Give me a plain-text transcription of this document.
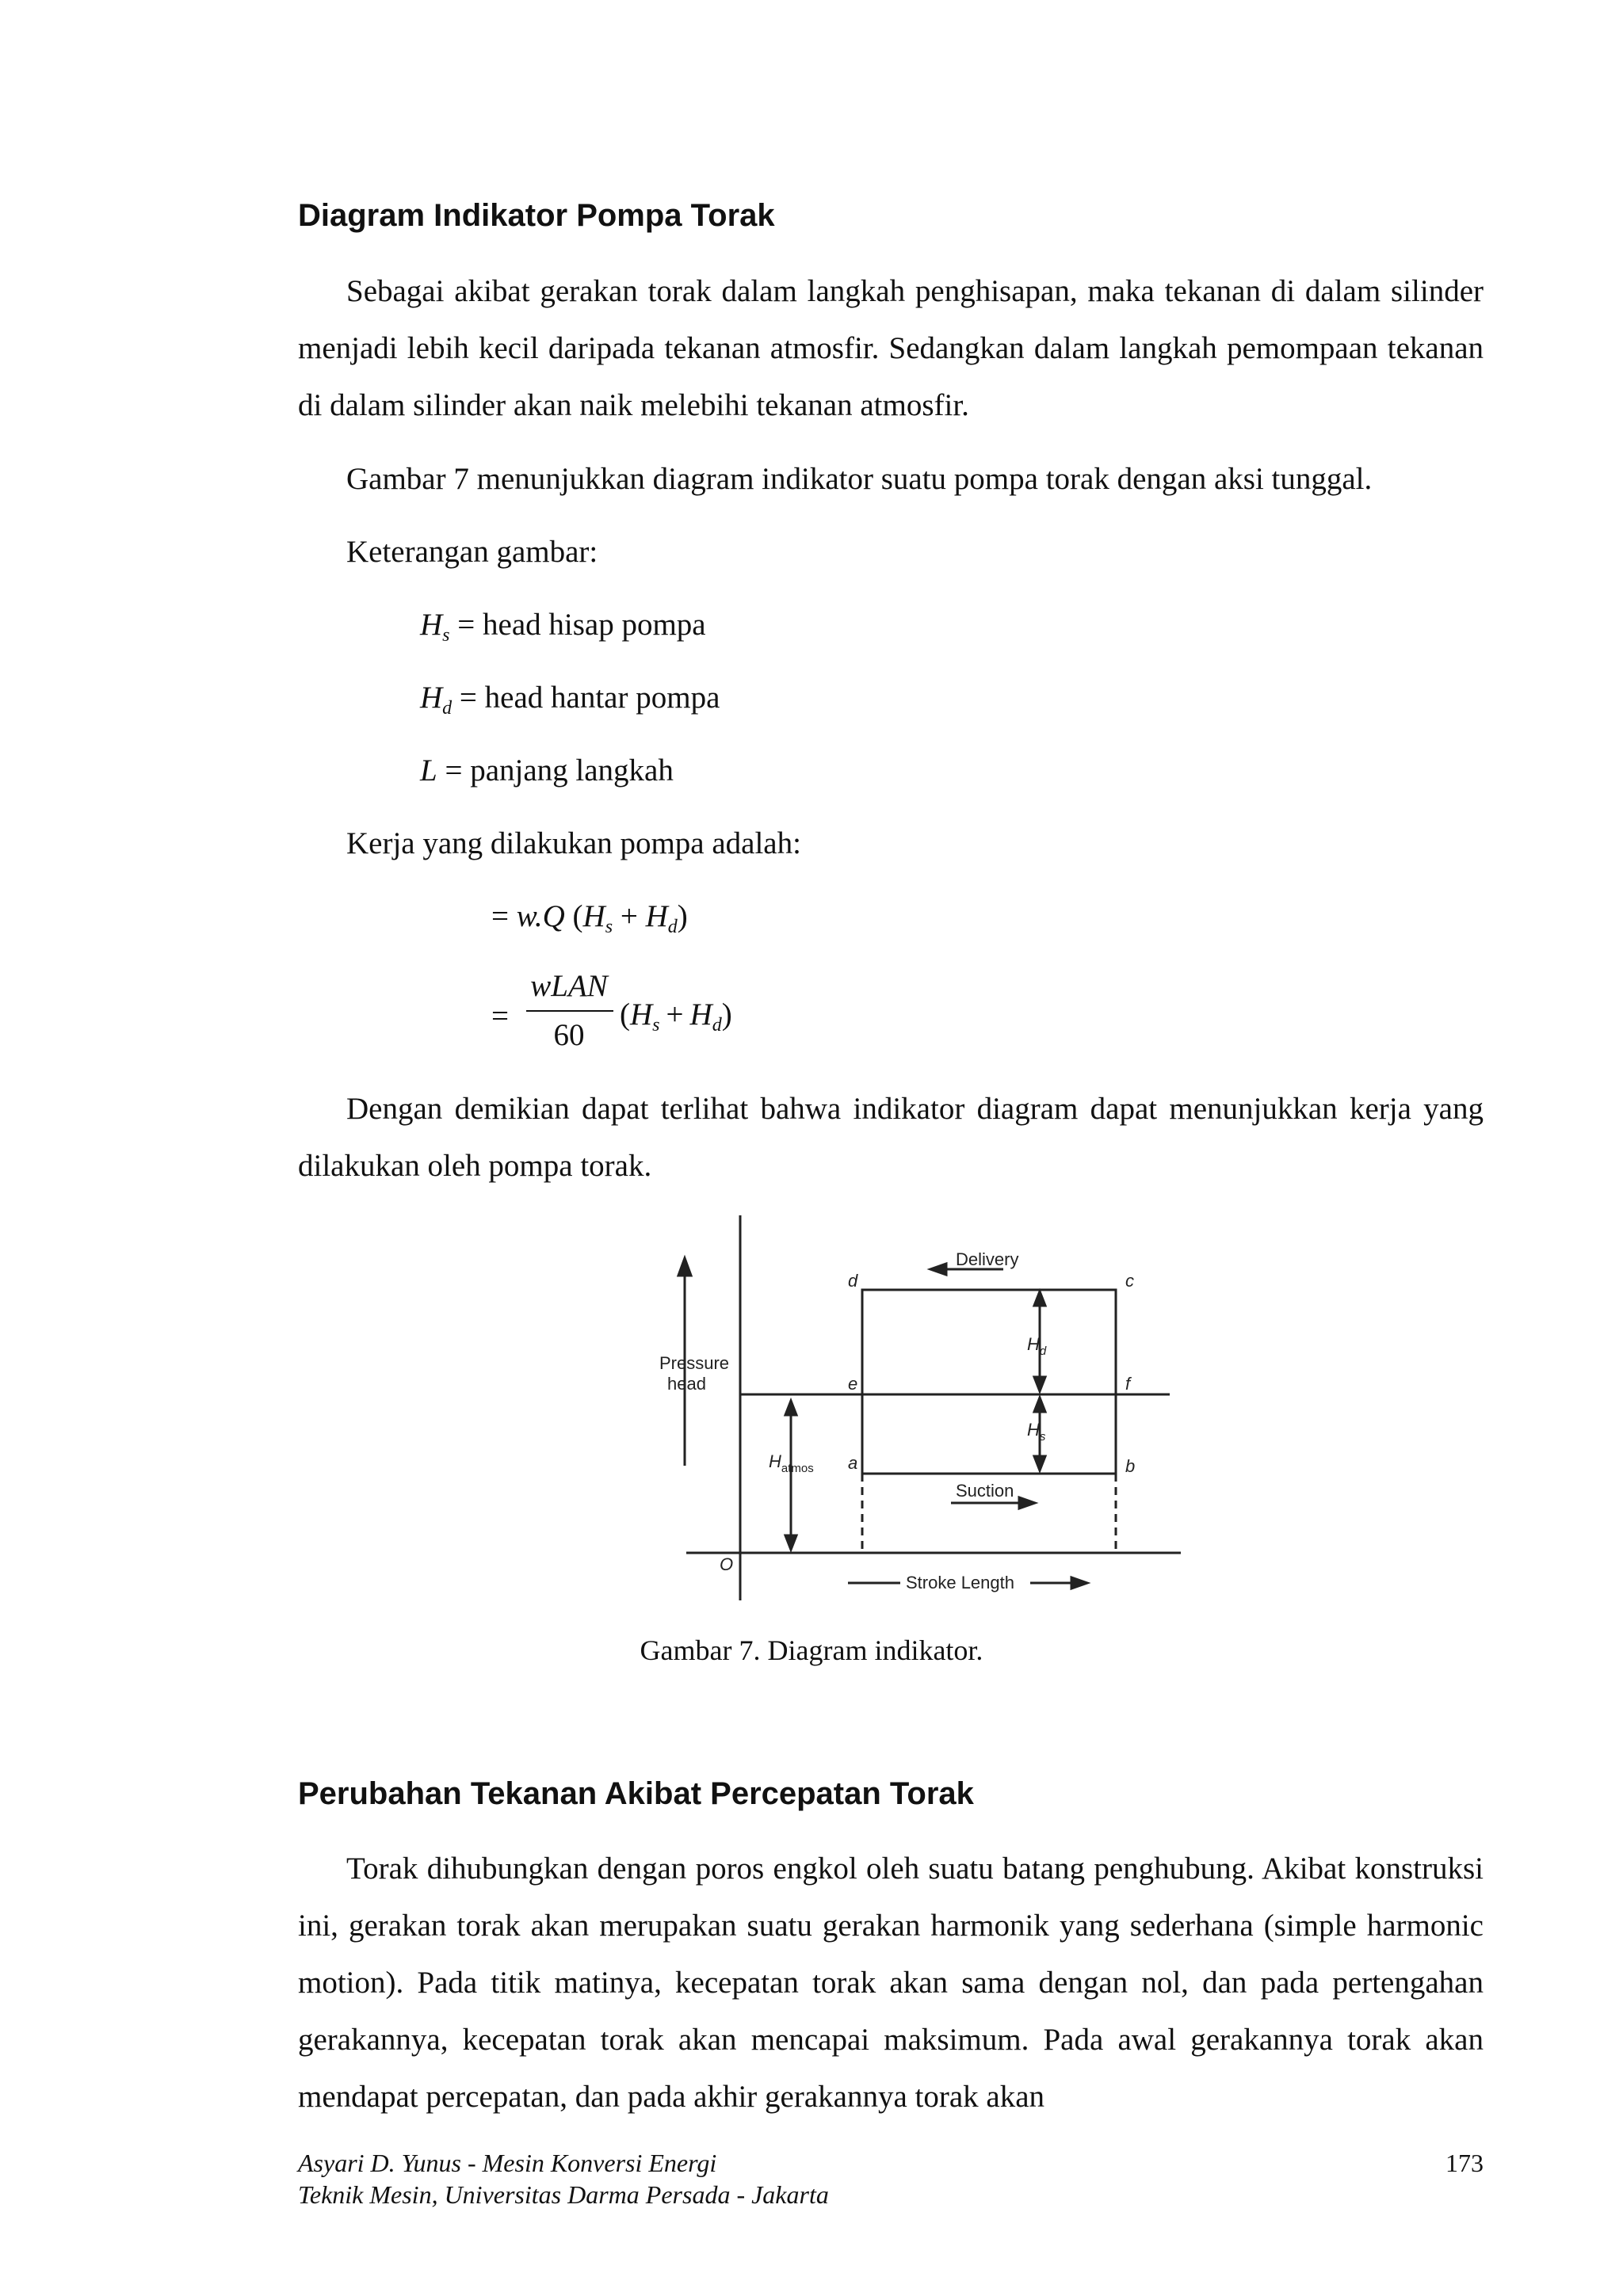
Diagram Indikator Pompa Torak
Sebagai akibat gerakan torak dalam langkah penghisapan, maka tekanan di dalam silinder menjadi lebih kecil daripada tekanan atmosfir. Sedangkan dalam langkah pemompaan tekanan di dalam silinder akan naik melebihi tekanan atmosfir.
Gambar 7 menunjukkan diagram indikator suatu pompa torak dengan aksi tunggal.
Keterangan gambar:
$H_s$ = head hisap pompa
$H_d$ = head hantar pompa
L = panjang langkah
Kerja yang dilakukan pompa adalah:
= w.Q $(H_s + H_d)$
=
wLAN
60
$(H_s + H_d)$
Dengan demikian dapat terlihat bahwa indikator diagram dapat menunjukkan kerja yang dilakukan oleh pompa torak.
Pressure
head
Delivery
Suction
Stroke Length
$H_{atmos}$
$H_d$
$H_s$
d	c
e	f
a	b
O
Gambar 7. Diagram indikator.
Perubahan Tekanan Akibat Percepatan Torak
Torak dihubungkan dengan poros engkol oleh suatu batang penghubung. Akibat konstruksi ini, gerakan torak akan merupakan suatu gerakan harmonik yang sederhana (simple harmonic motion). Pada titik matinya, kecepatan torak akan sama dengan nol, dan pada pertengahan gerakannya, kecepatan torak akan mencapai maksimum. Pada awal gerakannya torak akan mendapat percepatan, dan pada akhir gerakannya torak akan
Asyari D. Yunus - Mesin Konversi Energi
Teknik Mesin, Universitas Darma Persada - Jakarta
173
